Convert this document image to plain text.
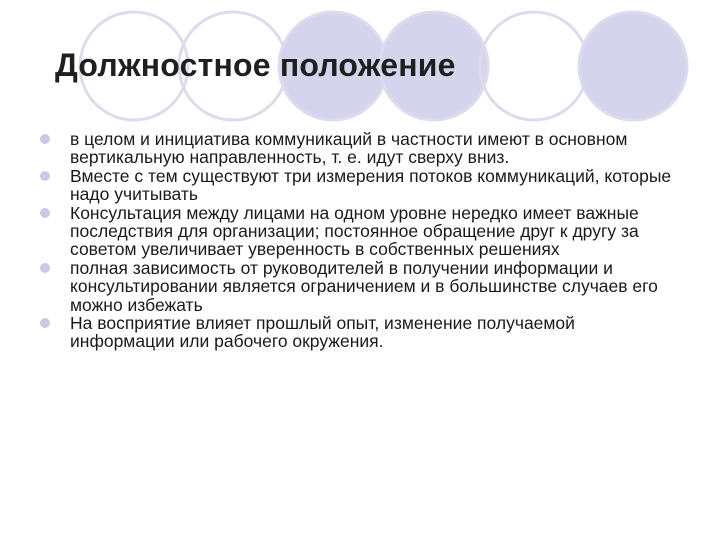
Должностное положение
в целом и инициатива коммуникаций в частности имеют в основном вертикальную направленность, т. е. идут сверху вниз.
Вместе с тем существуют три измерения потоков коммуникаций, которые надо учитывать
Консультация между лицами на одном уровне нередко имеет важные последствия для организации; постоянное обращение друг к другу за советом увеличивает уверенность в собственных решениях
полная зависимость от руководителей в получении информации и консультировании является ограничением и в большинстве случаев его можно избежать
На восприятие влияет прошлый опыт, изменение получаемой информации или рабочего окружения.
